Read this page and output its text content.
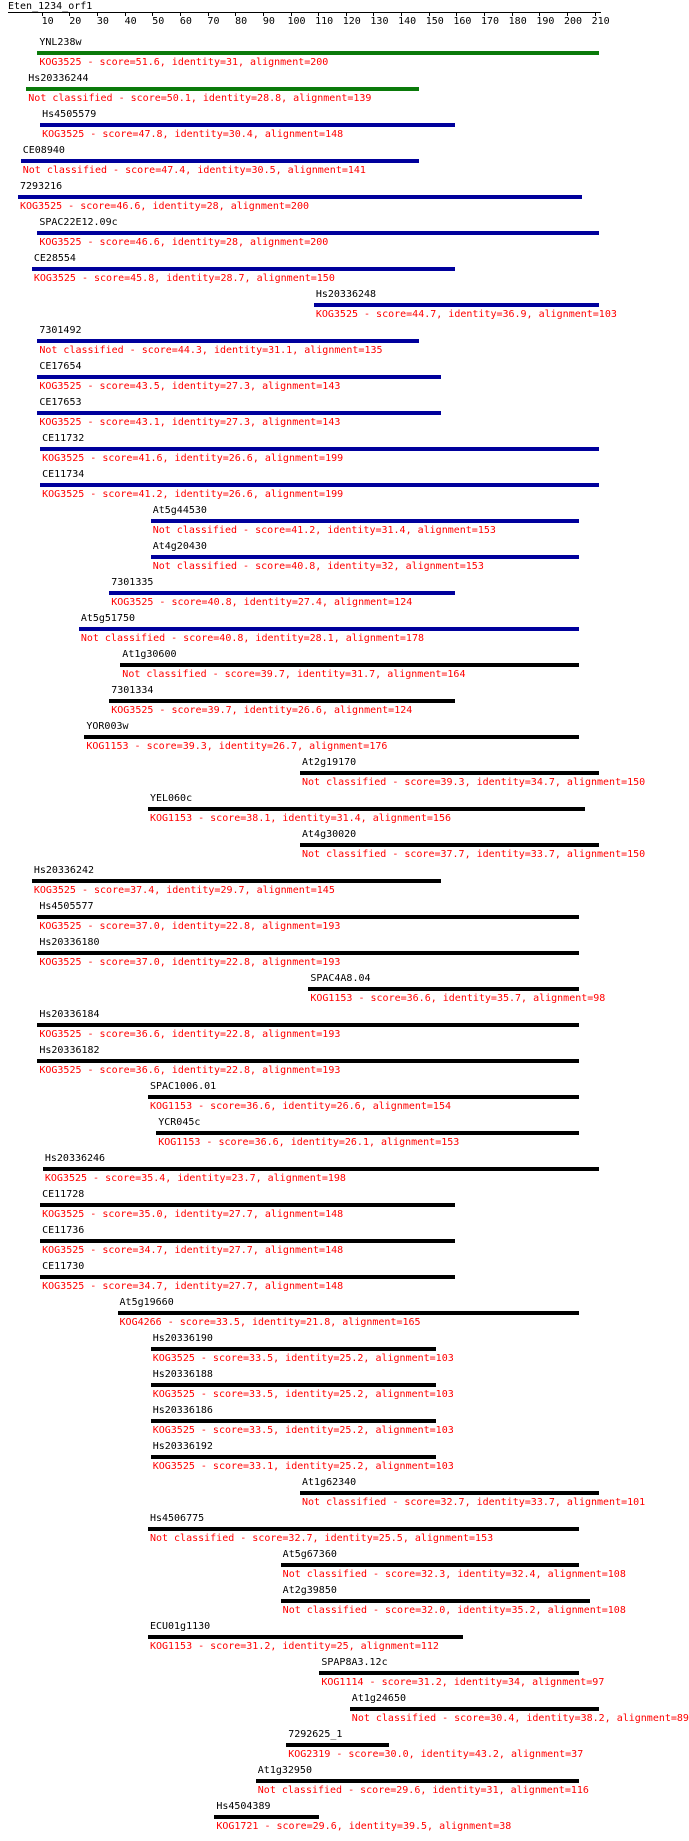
Eten_1234_orf1
10 20 30 40 50 60 70 80 90 100 110 120 130 140 150 160 170 180 190 200 210
YNL238w
KOG3525 - score=51.6, identity=31, alignment=200
Hs20336244
Not classified - score=50.1, identity=28.8, alignment=139
Hs4505579
KOG3525 - score=47.8, identity=30.4, alignment=148
CE08940
Not classified - score=47.4, identity=30.5, alignment=141
7293216
KOG3525 - score=46.6, identity=28, alignment=200
SPAC22E12.09c
KOG3525 - score=46.6, identity=28, alignment=200
CE28554
KOG3525 - score=45.8, identity=28.7, alignment=150
Hs20336248
KOG3525 - score=44.7, identity=36.9, alignment=103
7301492
Not classified - score=44.3, identity=31.1, alignment=135
CE17654
KOG3525 - score=43.5, identity=27.3, alignment=143
CE17653
KOG3525 - score=43.1, identity=27.3, alignment=143
CE11732
KOG3525 - score=41.6, identity=26.6, alignment=199
CE11734
KOG3525 - score=41.2, identity=26.6, alignment=199
At5g44530
Not classified - score=41.2, identity=31.4, alignment=153
At4g20430
Not classified - score=40.8, identity=32, alignment=153
7301335
KOG3525 - score=40.8, identity=27.4, alignment=124
At5g51750
Not classified - score=40.8, identity=28.1, alignment=178
At1g30600
Not classified - score=39.7, identity=31.7, alignment=164
7301334
KOG3525 - score=39.7, identity=26.6, alignment=124
YOR003w
KOG1153 - score=39.3, identity=26.7, alignment=176
At2g19170
Not classified - score=39.3, identity=34.7, alignment=150
YEL060c
KOG1153 - score=38.1, identity=31.4, alignment=156
At4g30020
Not classified - score=37.7, identity=33.7, alignment=150
Hs20336242
KOG3525 - score=37.4, identity=29.7, alignment=145
Hs4505577
KOG3525 - score=37.0, identity=22.8, alignment=193
Hs20336180
KOG3525 - score=37.0, identity=22.8, alignment=193
SPAC4A8.04
KOG1153 - score=36.6, identity=35.7, alignment=98
Hs20336184
KOG3525 - score=36.6, identity=22.8, alignment=193
Hs20336182
KOG3525 - score=36.6, identity=22.8, alignment=193
SPAC1006.01
KOG1153 - score=36.6, identity=26.6, alignment=154
YCR045c
KOG1153 - score=36.6, identity=26.1, alignment=153
Hs20336246
KOG3525 - score=35.4, identity=23.7, alignment=198
CE11728
KOG3525 - score=35.0, identity=27.7, alignment=148
CE11736
KOG3525 - score=34.7, identity=27.7, alignment=148
CE11730
KOG3525 - score=34.7, identity=27.7, alignment=148
At5g19660
KOG4266 - score=33.5, identity=21.8, alignment=165
Hs20336190
KOG3525 - score=33.5, identity=25.2, alignment=103
Hs20336188
KOG3525 - score=33.5, identity=25.2, alignment=103
Hs20336186
KOG3525 - score=33.5, identity=25.2, alignment=103
Hs20336192
KOG3525 - score=33.1, identity=25.2, alignment=103
At1g62340
Not classified - score=32.7, identity=33.7, alignment=101
Hs4506775
Not classified - score=32.7, identity=25.5, alignment=153
At5g67360
Not classified - score=32.3, identity=32.4, alignment=108
At2g39850
Not classified - score=32.0, identity=35.2, alignment=108
ECU01g1130
KOG1153 - score=31.2, identity=25, alignment=112
SPAP8A3.12c
KOG1114 - score=31.2, identity=34, alignment=97
At1g24650
Not classified - score=30.4, identity=38.2, alignment=89
7292625_1
KOG2319 - score=30.0, identity=43.2, alignment=37
At1g32950
Not classified - score=29.6, identity=31, alignment=116
Hs4504389
KOG1721 - score=29.6, identity=39.5, alignment=38
